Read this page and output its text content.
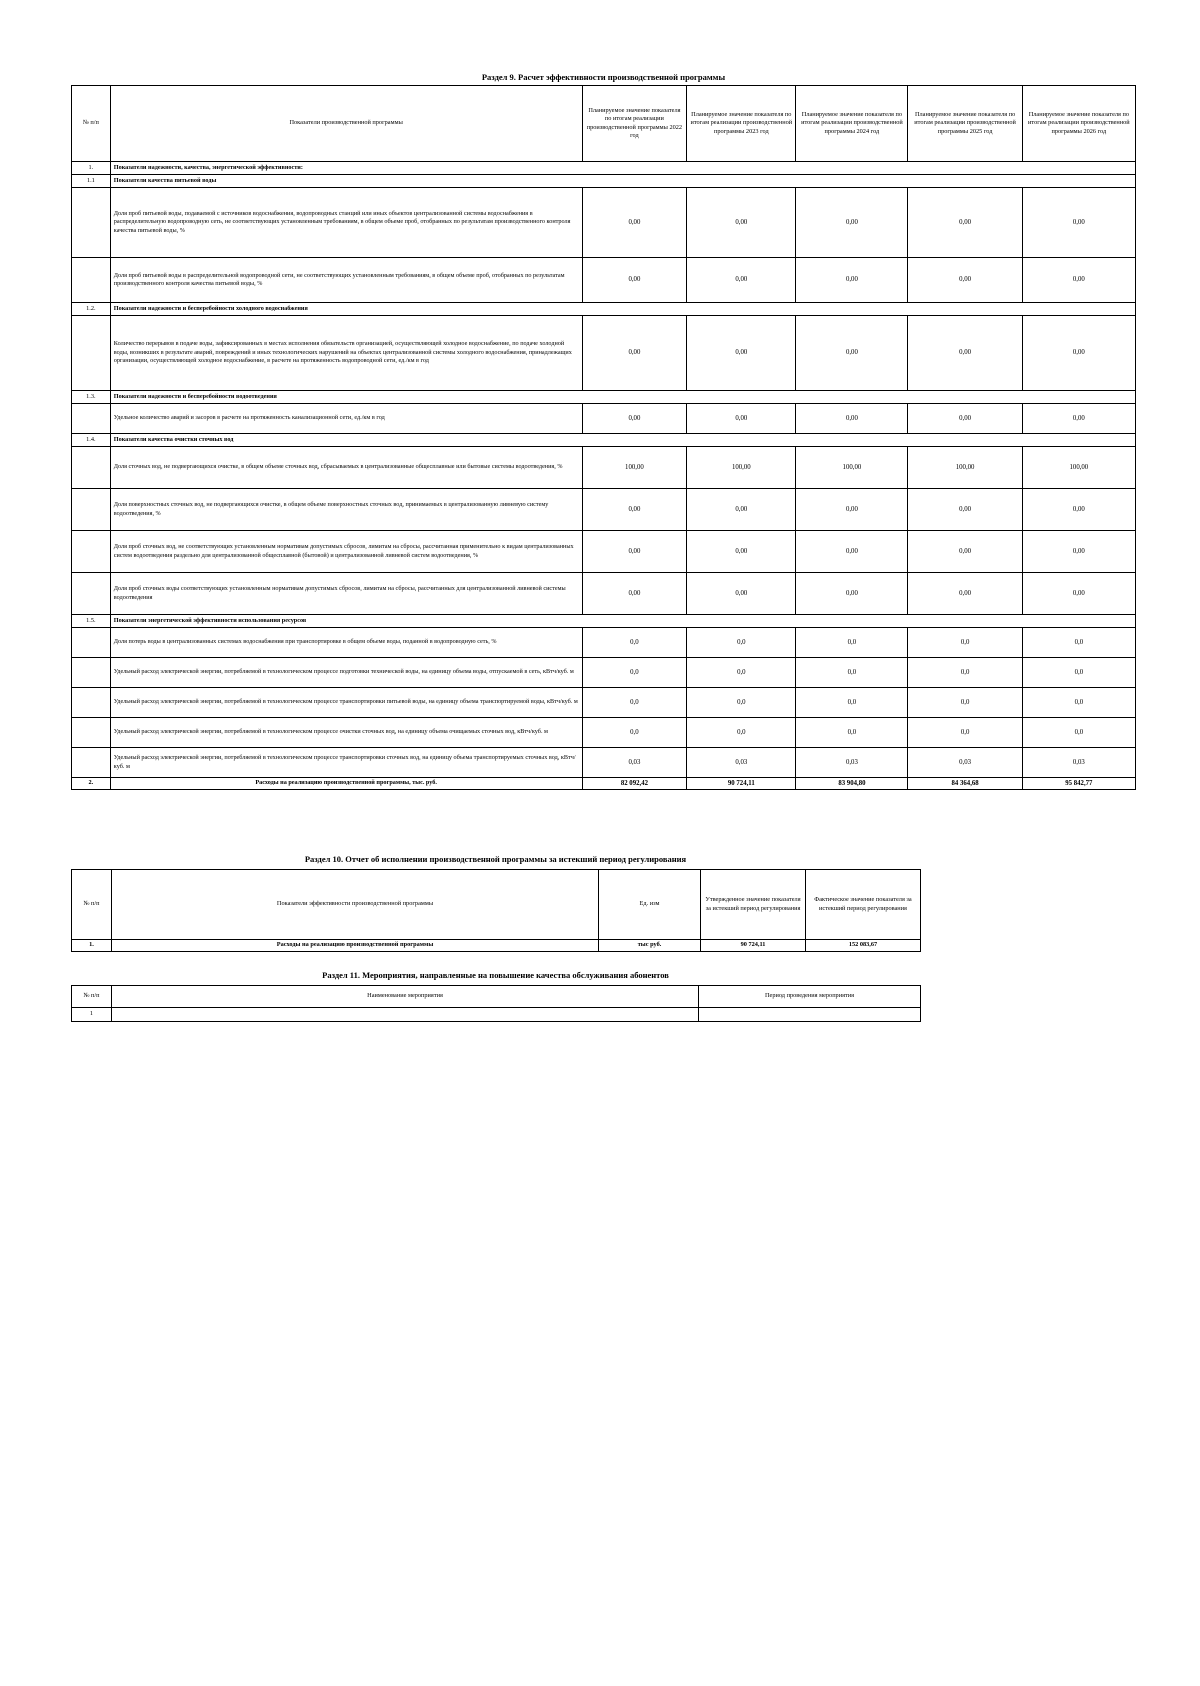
Раздел 9. Расчет эффективности производственной программы
№ п/п	Показатели производственной программы	Планируемое значение показателя по итогам реализации производственной программы 2022 год	Планируемое значение показателя по итогам реализации производственной программы 2023 год	Планируемое значение показателя по итогам реализации производственной программы 2024 год	Планируемое значение показателя по итогам реализации производственной программы 2025 год	Планируемое значение показателя по итогам реализации производственной программы 2026 год
1.	Показатели надежности, качества, энергетической эффективности:					
1.1	Показатели качества питьевой воды					
	Доля проб питьевой воды, подаваемой с источников водоснабжения, водопроводных станций или иных объектов централизованной системы водоснабжения в распределительную водопроводную сеть, не соответствующих установленным требованиям, в общем объеме проб, отобранных по результатам производственного контроля качества питьевой воды, %	0,00	0,00	0,00	0,00	0,00
	Доля проб питьевой воды в распределительной водопроводной сети, не соответствующих установленным требованиям, в общем объеме проб, отобранных по результатам производственного контроля качества питьевой воды, %	0,00	0,00	0,00	0,00	0,00
1.2.	Показатели надежности и бесперебойности холодного водоснабжения					
	Количество перерывов в подаче воды, зафиксированных в местах исполнения обязательств организацией, осуществляющей холодное водоснабжение, по подаче холодной воды, возникших в результате аварий, повреждений и иных технологических нарушений на объектах централизованной системы холодного водоснабжения, принадлежащих организации, осуществляющей холодное водоснабжение, в расчете на протяженность водопроводной сети, ед./км в год	0,00	0,00	0,00	0,00	0,00
1.3.	Показатели надежности и бесперебойности водоотведения					
	Удельное количество аварий и засоров в расчете на протяженность канализационной сети, ед./км в год	0,00	0,00	0,00	0,00	0,00
1.4.	Показатели качества очистки сточных вод					
	Доля сточных вод, не подвергающихся очистке, в общем объеме сточных вод, сбрасываемых в централизованные общесплавные или бытовые системы водоотведения, %	100,00	100,00	100,00	100,00	100,00
	Доля поверхностных сточных вод, не подвергающихся очистке, в общем объеме поверхностных сточных вод, принимаемых в централизованную ливневую систему водоотведения, %	0,00	0,00	0,00	0,00	0,00
	Доля проб сточных вод, не соответствующих установленным нормативам допустимых сбросов, лимитам на сбросы, рассчитанная применительно к видам централизованных систем водоотведения раздельно для централизованной общесплавной (бытовой) и централизованной ливневой систем водоотведения, %	0,00	0,00	0,00	0,00	0,00
	Доля проб сточных воды соответствующих установленным нормативам допустимых сбросов, лимитам на сбросы, рассчитанных для централизованной ливневой системы водоотведения	0,00	0,00	0,00	0,00	0,00
1.5.	Показатели энергетической эффективности использования ресурсов					
	Доля потерь воды в централизованных системах водоснабжения при транспортировке в общем объеме воды, поданной в водопроводную сеть, %	0,0	0,0	0,0	0,0	0,0
	Удельный расход электрической энергии, потребляемой в технологическом процессе подготовки технической воды, на единицу объема воды, отпускаемой в сеть, кВтч/куб. м	0,0	0,0	0,0	0,0	0,0
	Удельный расход электрической энергии, потребляемой в технологическом процессе транспортировки питьевой воды, на единицу объема транспортируемой воды, кВтч/куб. м	0,0	0,0	0,0	0,0	0,0
	Удельный расход электрической энергии, потребляемой в технологическом процессе очистки сточных вод, на единицу объема очищаемых сточных вод, кВтч/куб. м	0,0	0,0	0,0	0,0	0,0
	Удельный расход электрической энергии, потребляемой в технологическом процессе транспортировки сточных вод, на единицу объема транспортируемых сточных вод, кВтч/куб. м	0,03	0,03	0,03	0,03	0,03
2.	Расходы на реализацию производственной программы, тыс. руб.	82 092,42	90 724,11	83 904,80	84 364,68	95 842,77
Раздел 10. Отчет об исполнении производственной программы за истекший период регулирования
№ п/п	Показатели эффективности производственной программы	Ед. изм	Утвержденное значение показателя за истекший период регулирования	Фактическое значение показателя за истекший период регулирования
1.	Расходы на реализацию производственной программы	тыс руб.	90 724,11	152 083,67
Раздел 11. Мероприятия, направленные на повышение качества обслуживания абонентов
№ п/п	Наименование мероприятия	Период проведения мероприятия
1		
